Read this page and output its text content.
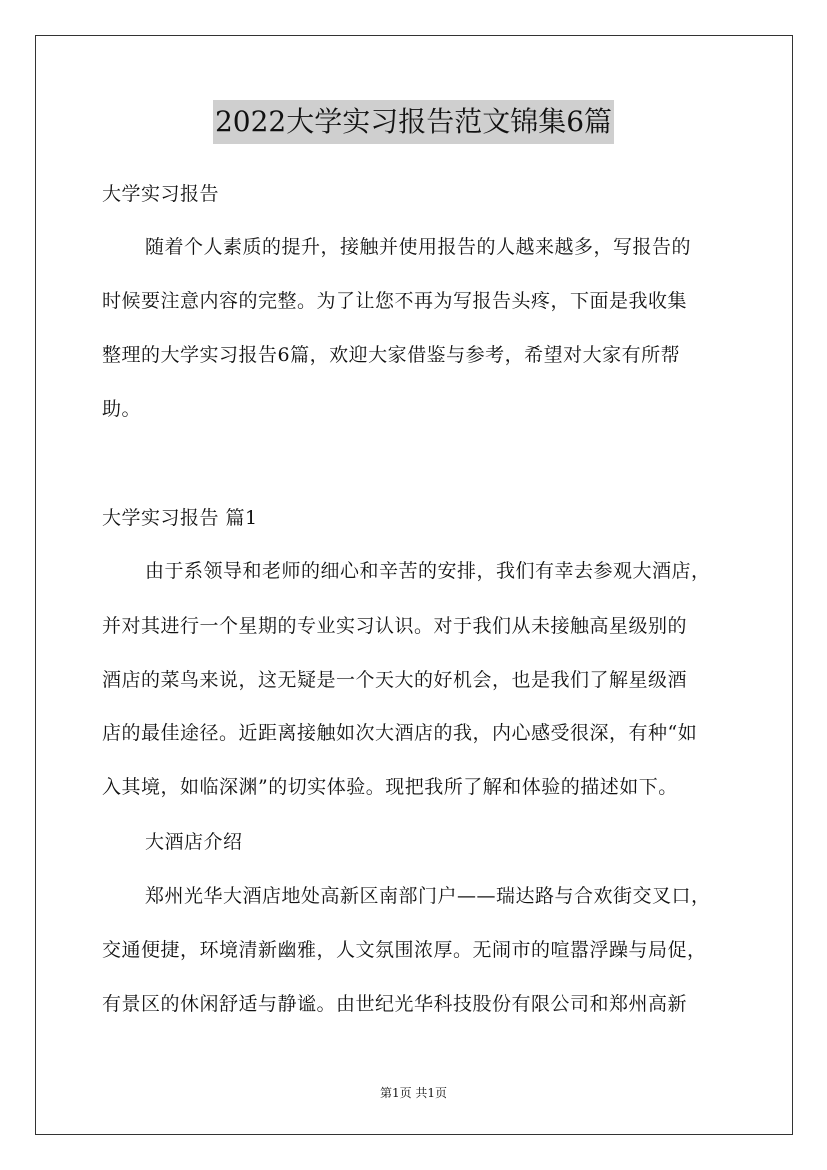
2022大学实习报告范文锦集6篇
大学实习报告
随着个人素质的提升，接触并使用报告的人越来越多，写报告的
时候要注意内容的完整。为了让您不再为写报告头疼，下面是我收集
整理的大学实习报告6篇，欢迎大家借鉴与参考，希望对大家有所帮
助。
大学实习报告 篇1
由于系领导和老师的细心和辛苦的安排，我们有幸去参观大酒店，
并对其进行一个星期的专业实习认识。对于我们从未接触高星级别的
酒店的菜鸟来说，这无疑是一个天大的好机会，也是我们了解星级酒
店的最佳途径。近距离接触如次大酒店的我，内心感受很深，有种“如
入其境，如临深渊”的切实体验。现把我所了解和体验的描述如下。
大酒店介绍
郑州光华大酒店地处高新区南部门户——瑞达路与合欢街交叉口，
交通便捷，环境清新幽雅，人文氛围浓厚。无闹市的喧嚣浮躁与局促，
有景区的休闲舒适与静谧。由世纪光华科技股份有限公司和郑州高新
第1页 共1页
